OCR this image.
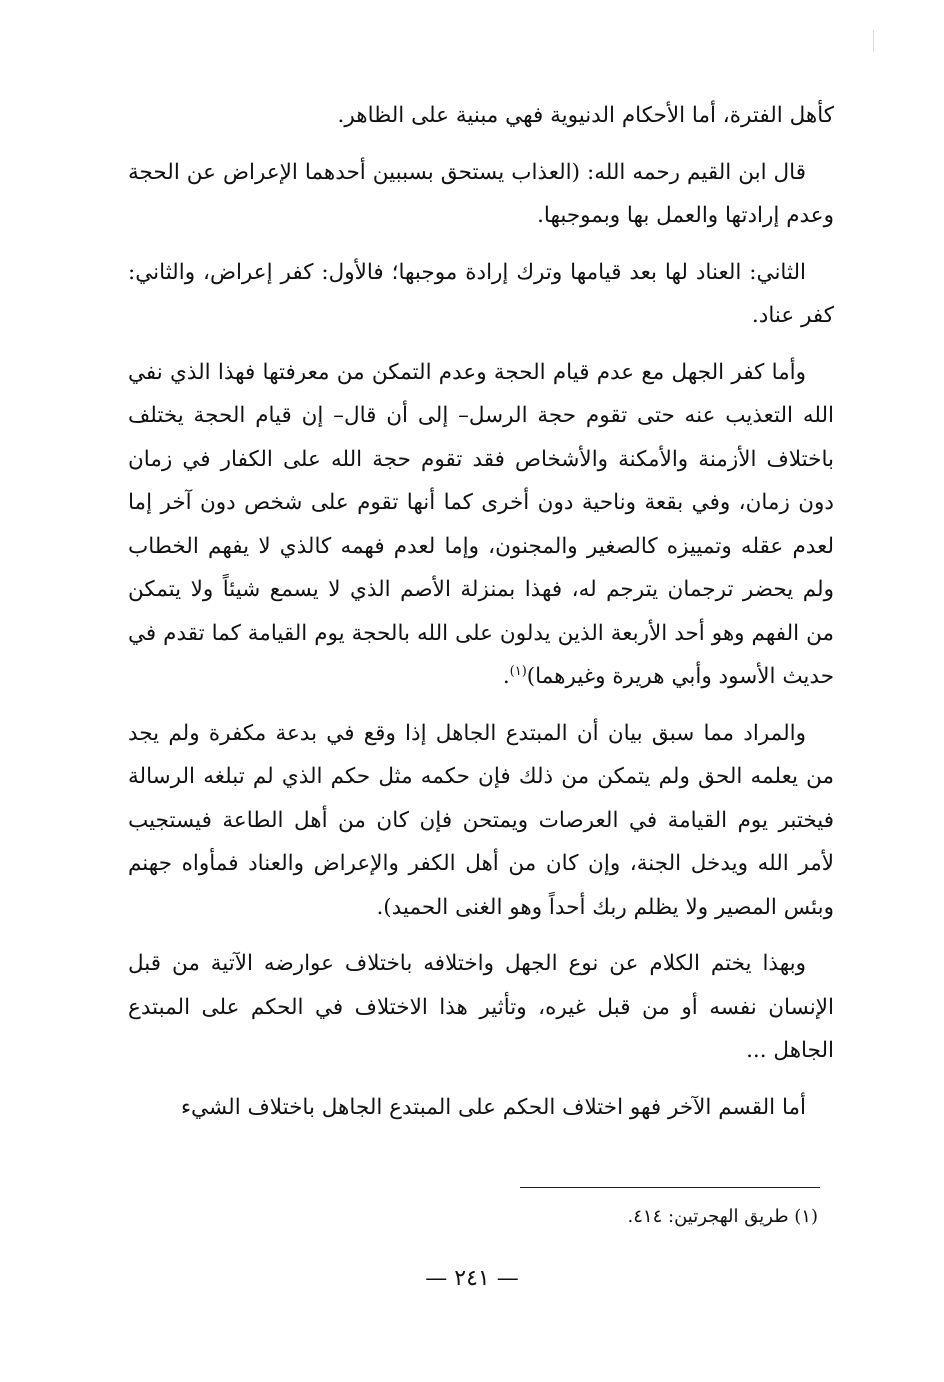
كأهل الفترة، أما الأحكام الدنيوية فهي مبنية على الظاهر.

قال ابن القيم رحمه الله: (العذاب يستحق بسببين أحدهما الإعراض عن الحجة وعدم إرادتها والعمل بها وبموجبها.

الثاني: العناد لها بعد قيامها وترك إرادة موجبها؛ فالأول: كفر إعراض، والثاني: كفر عناد.

وأما كفر الجهل مع عدم قيام الحجة وعدم التمكن من معرفتها فهذا الذي نفي الله التعذيب عنه حتى تقوم حجة الرسل– إلى أن قال– إن قيام الحجة يختلف باختلاف الأزمنة والأمكنة والأشخاص فقد تقوم حجة الله على الكفار في زمان دون زمان، وفي بقعة وناحية دون أخرى كما أنها تقوم على شخص دون آخر إما لعدم عقله وتمييزه كالصغير والمجنون، وإما لعدم فهمه كالذي لا يفهم الخطاب ولم يحضر ترجمان يترجم له، فهذا بمنزلة الأصم الذي لا يسمع شيئاً ولا يتمكن من الفهم وهو أحد الأربعة الذين يدلون على الله بالحجة يوم القيامة كما تقدم في حديث الأسود وأبي هريرة وغيرهما)$^{(١)}$.

والمراد مما سبق بيان أن المبتدع الجاهل إذا وقع في بدعة مكفرة ولم يجد من يعلمه الحق ولم يتمكن من ذلك فإن حكمه مثل حكم الذي لم تبلغه الرسالة فيختبر يوم القيامة في العرصات ويمتحن فإن كان من أهل الطاعة فيستجيب لأمر الله ويدخل الجنة، وإن كان من أهل الكفر والإعراض والعناد فمأواه جهنم وبئس المصير ولا يظلم ربك أحداً وهو الغنى الحميد).

وبهذا يختم الكلام عن نوع الجهل واختلافه باختلاف عوارضه الآتية من قبل الإنسان نفسه أو من قبل غيره، وتأثير هذا الاختلاف في الحكم على المبتدع الجاهل ...

أما القسم الآخر فهو اختلاف الحكم على المبتدع الجاهل باختلاف الشيء

(١) طريق الهجرتين: ٤١٤.
— ٢٤١ —
